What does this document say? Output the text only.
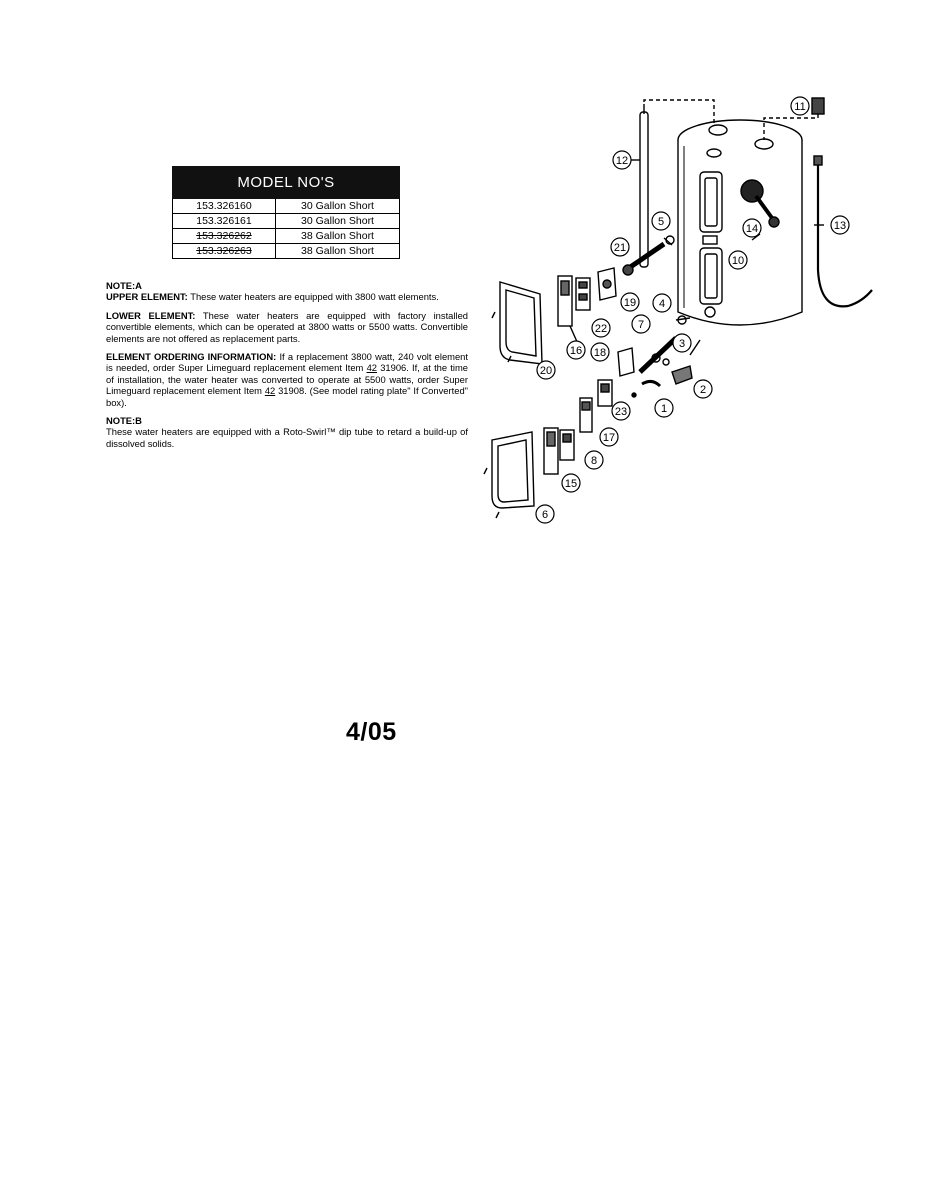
MODEL NO'S	
153.326160	30 Gallon Short
153.326161	30 Gallon Short
153.326262	38 Gallon Short
153.326263	38 Gallon Short

NOTE:A

UPPER ELEMENT: These water heaters are equipped with 3800 watt elements.

LOWER ELEMENT: These water heaters are equipped with factory installed convertible elements, which can be operated at 3800 watts or 5500 watts. Convertible elements are not offered as replacement parts.

ELEMENT ORDERING INFORMATION: If a replacement 3800 watt, 240 volt element is needed, order Super Limeguard replacement element Item 42 31906. If, at the time of installation, the water heater was converted to operate at 5500 watts, order Super Limeguard replacement element Item 42 31908. (See model rating plate" If Converted" box).

NOTE:B

These water heaters are equipped with a Roto-Swirl™ dip tube to retard a build-up of dissolved solids.

4/05
11
12
13
14
5
21
10
4
19
7
22
3
16 18
20
2
1
23
17
8
15
6
